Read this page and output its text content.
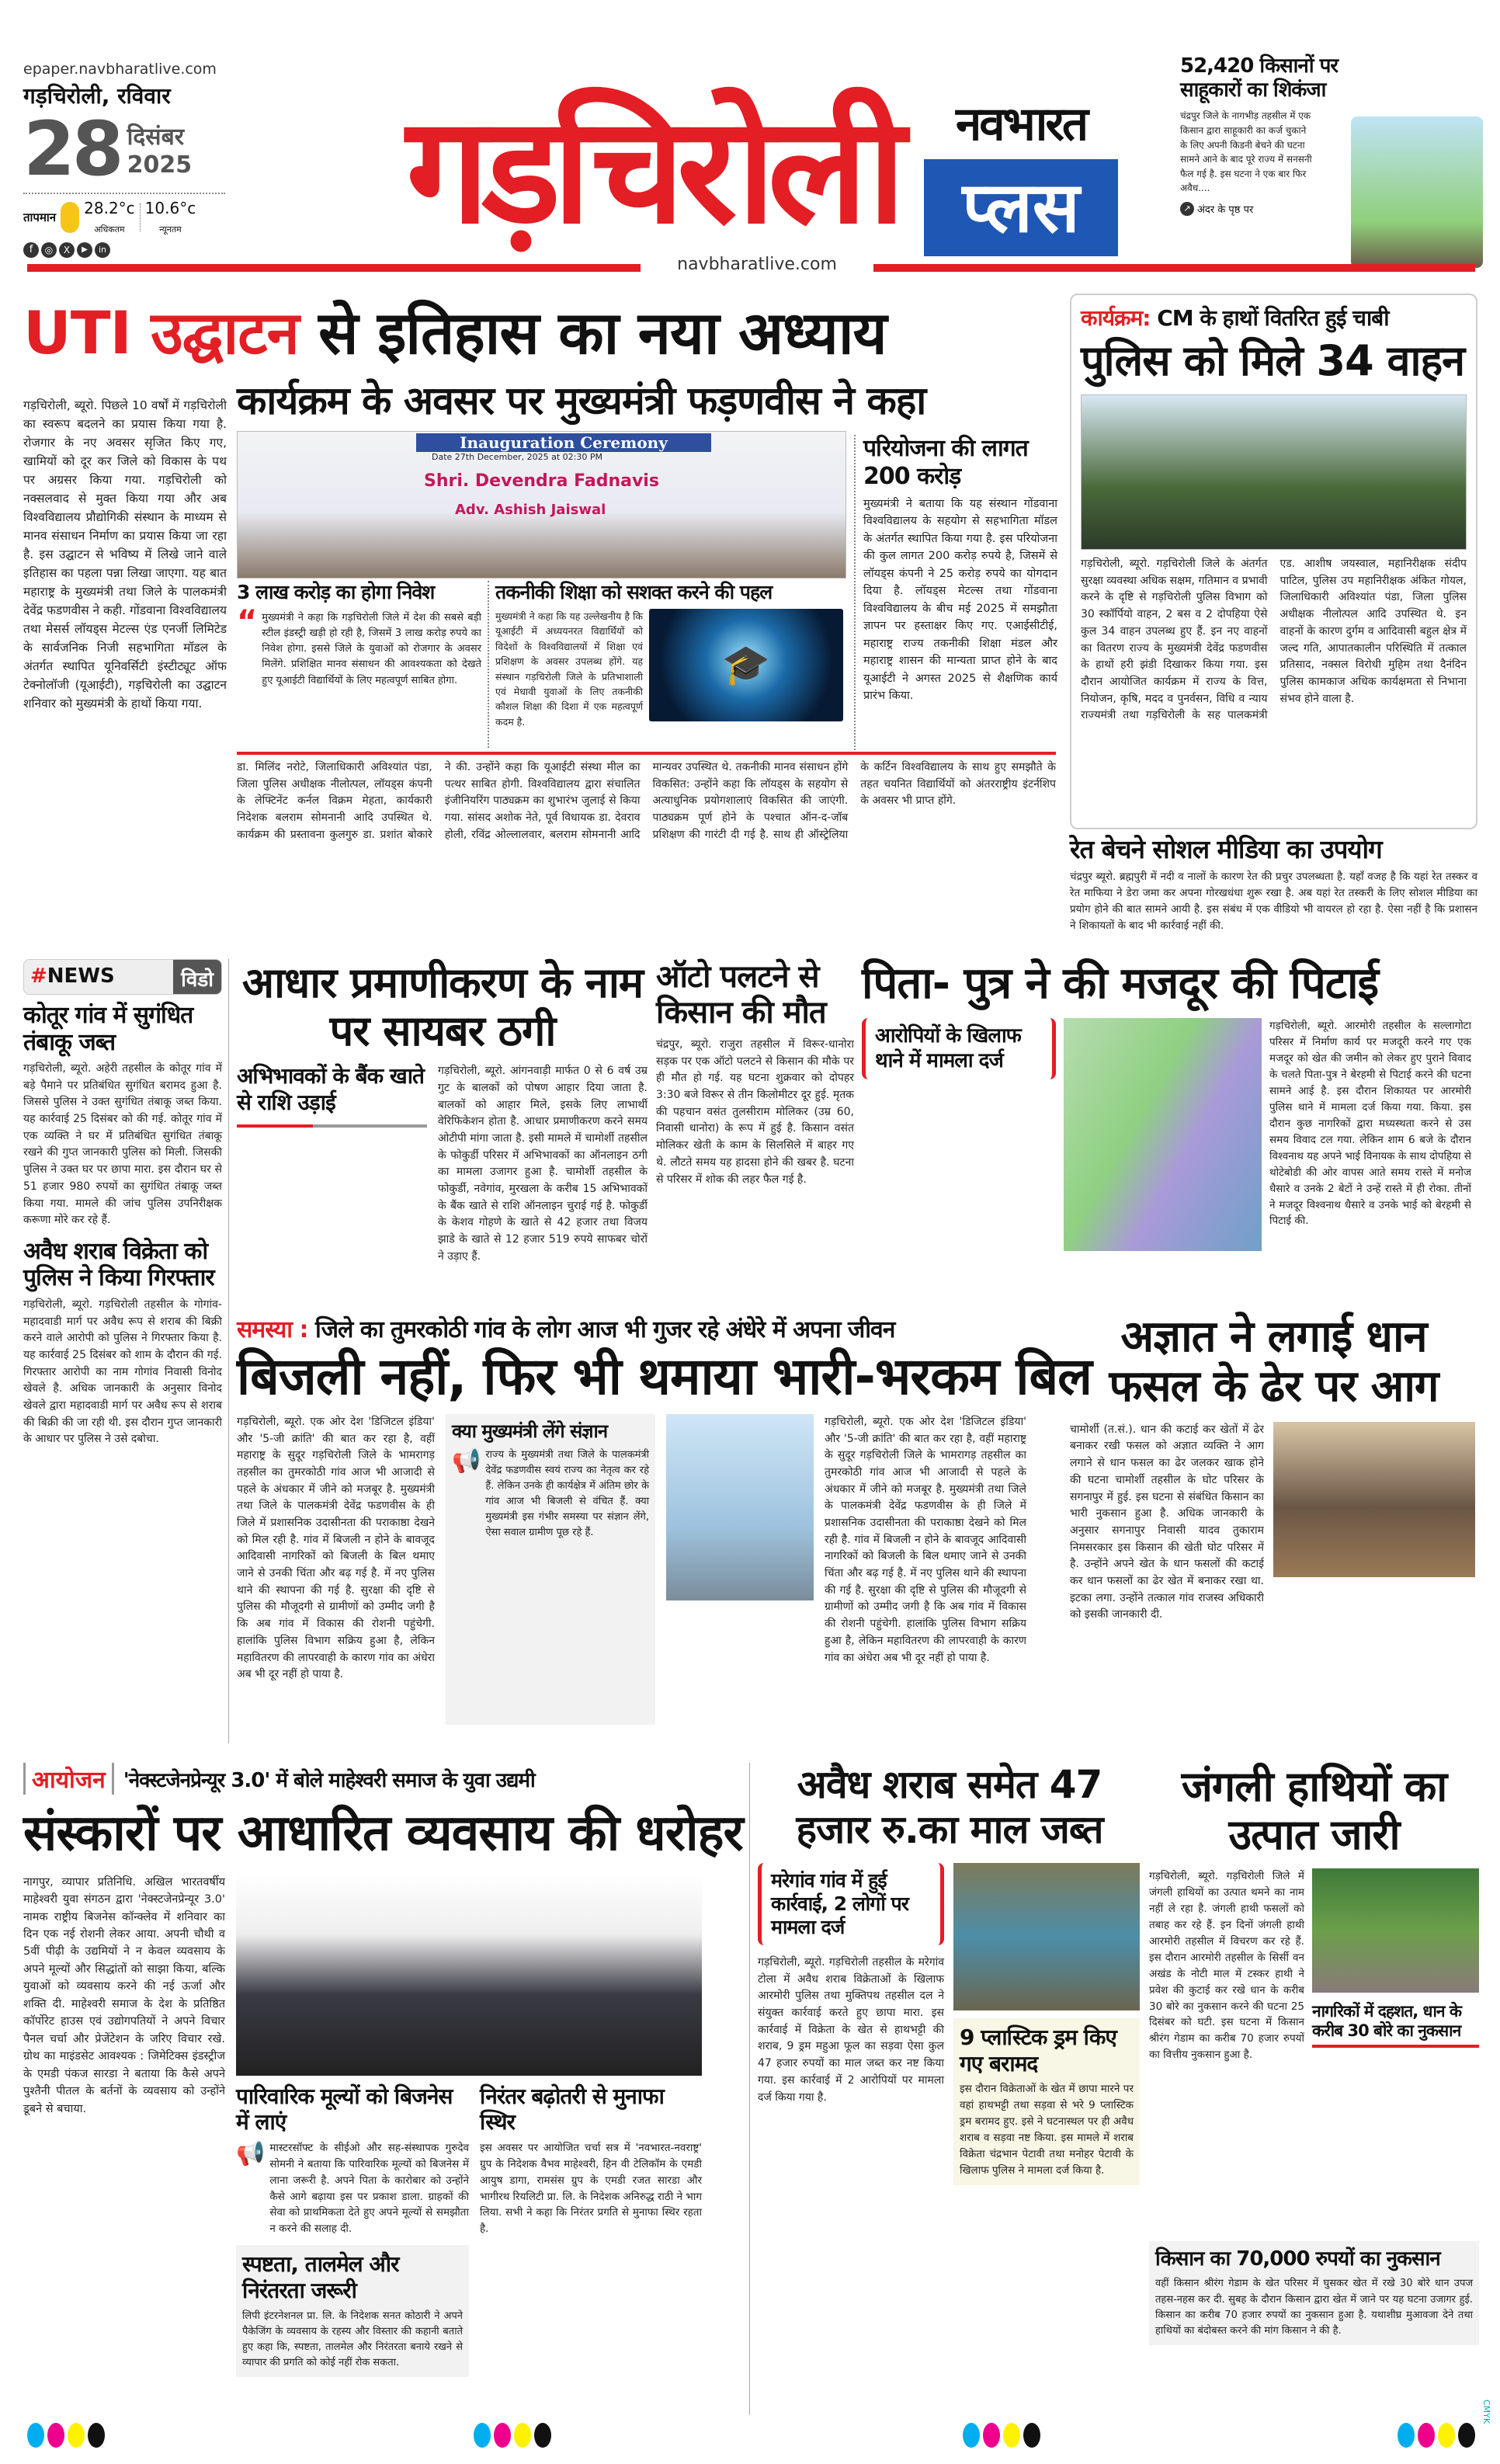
epaper.navbharatlive.com
गड़चिरोली, रविवार
28 दिसंबर
2025
तापमान 28.2°c
अधिकतम
10.6°c
न्यूनतम
f	◎	X	▶	in गड़चिरोली	नवभारत
प्लस
52,420 किसानों पर साहूकारों का शिकंजा
चंद्रपुर जिले के नागभीड़ तहसील में एक किसान द्वारा साहूकारी का कर्ज चुकाने के लिए अपनी किडनी बेचने की घटना सामने आने के बाद पूरे राज्य में सनसनी फैल गई है. इस घटना ने एक बार फिर अवैध....
↗ अंदर के पृष्ठ पर
navbharatlive.com
UTI उद्घाटन से इतिहास का नया अध्याय
गड़चिरोली, ब्यूरो. पिछले 10 वर्षों में गड़चिरोली का स्वरूप बदलने का प्रयास किया गया है. रोजगार के नए अवसर सृजित किए गए, खामियों को दूर कर जिले को विकास के पथ पर अग्रसर किया गया. गड़चिरोली को नक्सलवाद से मुक्त किया गया और अब विश्वविद्यालय प्रौद्योगिकी संस्थान के माध्यम से मानव संसाधन निर्माण का प्रयास किया जा रहा है. इस उद्घाटन से भविष्य में लिखे जाने वाले इतिहास का पहला पन्ना लिखा जाएगा. यह बात महाराष्ट्र के मुख्यमंत्री तथा जिले के पालकमंत्री देवेंद्र फडणवीस ने कही. गोंडवाना विश्वविद्यालय तथा मेसर्स लॉयड्स मेटल्स एंड एनर्जी लिमिटेड के सार्वजनिक निजी सहभागिता मॉडल के अंतर्गत स्थापित यूनिवर्सिटी इंस्टीट्यूट ऑफ टेक्नोलॉजी (यूआईटी), गड़चिरोली का उद्घाटन शनिवार को मुख्यमंत्री के हाथों किया गया.
कार्यक्रम के अवसर पर मुख्यमंत्री फड़णवीस ने कहा
Inauguration Ceremony
Date 27th December, 2025 at 02:30 PM
Shri. Devendra Fadnavis
Adv. Ashish Jaiswal
परियोजना की लागत 200 करोड़
मुख्यमंत्री ने बताया कि यह संस्थान गोंडवाना विश्वविद्यालय के सहयोग से सहभागिता मॉडल के अंतर्गत स्थापित किया गया है. इस परियोजना की कुल लागत 200 करोड़ रुपये है, जिसमें से लॉयड्स कंपनी ने 25 करोड़ रुपये का योगदान दिया है. लॉयड्स मेटल्स तथा गोंडवाना विश्वविद्यालय के बीच मई 2025 में समझौता ज्ञापन पर हस्ताक्षर किए गए. एआईसीटीई, महाराष्ट्र राज्य तकनीकी शिक्षा मंडल और महाराष्ट्र शासन की मान्यता प्राप्त होने के बाद यूआईटी ने अगस्त 2025 से शैक्षणिक कार्य प्रारंभ किया.
3 लाख करोड़ का होगा निवेश
“ मुख्यमंत्री ने कहा कि गड़चिरोली जिले में देश की सबसे बड़ी स्टील इंडस्ट्री खड़ी हो रही है, जिसमें 3 लाख करोड़ रुपये का निवेश होगा. इससे जिले के युवाओं को रोजगार के अवसर मिलेंगे. प्रशिक्षित मानव संसाधन की आवश्यकता को देखते हुए यूआईटी विद्यार्थियों के लिए महत्वपूर्ण साबित होगा.
तकनीकी शिक्षा को सशक्त करने की पहल
मुख्यमंत्री ने कहा कि यह उल्लेखनीय है कि यूआईटी में अध्ययनरत विद्यार्थियों को विदेशों के विश्वविद्यालयों में शिक्षा एवं प्रशिक्षण के अवसर उपलब्ध होंगे. यह संस्थान गड़चिरोली जिले के प्रतिभाशाली एवं मेधावी युवाओं के लिए तकनीकी कौशल शिक्षा की दिशा में एक महत्वपूर्ण कदम है.
🎓
डा. मिलिंद नरोटे, जिलाधिकारी अविश्यांत पंडा, जिला पुलिस अधीक्षक नीलोत्पल, लॉयड्स कंपनी के लेफ्टिनेंट कर्नल विक्रम मेहता, कार्यकारी निदेशक बलराम सोमनानी आदि उपस्थित थे. कार्यक्रम की प्रस्तावना कुलगुरु डा. प्रशांत बोकारे ने की. उन्होंने कहा कि यूआईटी संस्था मील का पत्थर साबित होगी. विश्वविद्यालय द्वारा संचालित इंजीनियरिंग पाठ्यक्रम का शुभारंभ जुलाई से किया गया. सांसद अशोक नेते, पूर्व विधायक डा. देवराव होली, रविंद्र ओल्लालवार, बलराम सोमनानी आदि मान्यवर उपस्थित थे. तकनीकी मानव संसाधन होंगे विकसित: उन्होंने कहा कि लॉयड्स के सहयोग से अत्याधुनिक प्रयोगशालाएं विकसित की जाएंगी. पाठ्यक्रम पूर्ण होने के पश्चात ऑन-द-जॉब प्रशिक्षण की गारंटी दी गई है. साथ ही ऑस्ट्रेलिया के कर्टिन विश्वविद्यालय के साथ हुए समझौते के तहत चयनित विद्यार्थियों को अंतरराष्ट्रीय इंटर्नशिप के अवसर भी प्राप्त होंगे.
कार्यक्रम: CM के हाथों वितरित हुई चाबी
पुलिस को मिले 34 वाहन
गड़चिरोली, ब्यूरो. गड़चिरोली जिले के अंतर्गत सुरक्षा व्यवस्था अधिक सक्षम, गतिमान व प्रभावी करने के दृष्टि से गड़चिरोली पुलिस विभाग को 30 स्कॉर्पियो वाहन, 2 बस व 2 दोपहिया ऐसे कुल 34 वाहन उपलब्ध हुए हैं. इन नए वाहनों का वितरण राज्य के मुख्यमंत्री देवेंद्र फडणवीस के हाथों हरी झंडी दिखाकर किया गया. इस दौरान आयोजित कार्यक्रम में राज्य के वित्त, नियोजन, कृषि, मदद व पुनर्वसन, विधि व न्याय राज्यमंत्री तथा गड़चिरोली के सह पालकमंत्री एड. आशीष जयस्वाल, महानिरीक्षक संदीप पाटिल, पुलिस उप महानिरीक्षक अंकित गोयल, जिलाधिकारी अविश्यांत पंडा, जिला पुलिस अधीक्षक नीलोत्पल आदि उपस्थित थे. इन वाहनों के कारण दुर्गम व आदिवासी बहुल क्षेत्र में जल्द गति, आपातकालीन परिस्थिति में तत्काल प्रतिसाद, नक्सल विरोधी मुहिम तथा दैनंदिन पुलिस कामकाज अधिक कार्यक्षमता से निभाना संभव होने वाला है.
रेत बेचने सोशल मीडिया का उपयोग
चंद्रपुर ब्यूरो. ब्रह्मपुरी में नदी व नालों के कारण रेत की प्रचुर उपलब्धता है. यहाँ वजह है कि यहां रेत तस्कर व रेत माफिया ने डेरा जमा कर अपना गोरखधंधा शुरू रखा है. अब यहां रेत तस्करी के लिए सोशल मीडिया का प्रयोग होने की बात सामने आयी है. इस संबंध में एक वीडियो भी वायरल हो रहा है. ऐसा नहीं है कि प्रशासन ने शिकायतों के बाद भी कार्रवाई नहीं की.
#NEWS	विडो
कोतूर गांव में सुगंधित तंबाकू जब्त
गड़चिरोली, ब्यूरो. अहेरी तहसील के कोतूर गांव में बड़े पैमाने पर प्रतिबंधित सुगंधित बरामद हुआ है. जिससे पुलिस ने उक्त सुगंधित तंबाकू जब्त किया. यह कार्रवाई 25 दिसंबर को की गई. कोतूर गांव में एक व्यक्ति ने घर में प्रतिबंधित सुगंधित तंबाकू रखने की गुप्त जानकारी पुलिस को मिली. जिसकी पुलिस ने उक्त घर पर छापा मारा. इस दौरान घर से 51 हजार 980 रुपयों का सुगंधित तंबाकू जब्त किया गया. मामले की जांच पुलिस उपनिरीक्षक करूणा मोरे कर रहे हैं.
अवैध शराब विक्रेता को पुलिस ने किया गिरफ्तार
गड़चिरोली, ब्यूरो. गड़चिरोली तहसील के गोगांव- महादवाडी मार्ग पर अवैध रूप से शराब की बिक्री करने वाले आरोपी को पुलिस ने गिरफ्तार किया है. यह कार्रवाई 25 दिसंबर को शाम के दौरान की गई. गिरफ्तार आरोपी का नाम गोगांव निवासी विनोद खेवले है. अधिक जानकारी के अनुसार विनोद खेवले द्वारा महादवाडी मार्ग पर अवैध रूप से शराब की बिक्री की जा रही थी. इस दौरान गुप्त जानकारी के आधार पर पुलिस ने उसे दबोचा.
आधार प्रमाणीकरण के नाम पर सायबर ठगी
अभिभावकों के बैंक खाते से राशि उड़ाई
गड़चिरोली, ब्यूरो. आंगनवाड़ी मार्फत 0 से 6 वर्ष उम्र गुट के बालकों को पोषण आहार दिया जाता है. बालकों को आहार मिले, इसके लिए लाभार्थी वेरिफिकेशन होता है. आधार प्रमाणीकरण करने समय ओटीपी मांगा जाता है. इसी मामले में चामोर्शी तहसील के फोकुर्डी परिसर में अभिभावकों का ऑनलाइन ठगी का मामला उजागर हुआ है. चामोर्शी तहसील के फोकुर्डी, नवेगांव, मुरखला के करीब 15 अभिभावकों के बैंक खाते से राशि ऑनलाइन चुराई गई है. फोकुर्डी के केशव गोहणे के खाते से 42 हजार तथा विजय झाडे के खाते से 12 हजार 519 रुपये साफबर चोरों ने उड़ाए हैं.
ऑटो पलटने से किसान की मौत
चंद्रपुर, ब्यूरो. राजुरा तहसील में विरूर-धानोरा सड़क पर एक ऑटो पलटने से किसान की मौके पर ही मौत हो गई. यह घटना शुक्रवार को दोपहर 3:30 बजे विरूर से तीन किलोमीटर दूर हुई. मृतक की पहचान वसंत तुलसीराम मोलिकर (उम्र 60, निवासी धानोरा) के रूप में हुई है. किसान वसंत मोलिकर खेती के काम के सिलसिले में बाहर गए थे. लौटते समय यह हादसा होने की खबर है. घटना से परिसर में शोक की लहर फैल गई है.
पिता- पुत्र ने की मजदूर की पिटाई
आरोपियों के खिलाफ थाने में मामला दर्ज
गड़चिरोली, ब्यूरो. आरमोरी तहसील के सल्लागोटा परिसर में निर्माण कार्य पर मजदूरी करने गए एक मजदूर को खेत की जमीन को लेकर हुए पुराने विवाद के चलते पिता-पुत्र ने बेरहमी से पिटाई करने की घटना सामने आई है. इस दौरान शिकायत पर आरमोरी पुलिस थाने में मामला दर्ज किया गया. किया. इस दौरान कुछ नागरिकों द्वारा मध्यस्थता करने से उस समय विवाद टल गया. लेकिन शाम 6 बजे के दौरान विश्वनाथ यह अपने भाई विनायक के साथ दोपहिया से थोटेबोडी की ओर वापस आते समय रास्ते में मनोज धैसारे व उनके 2 बेटों ने उन्हें रास्ते में ही रोका. तीनों ने मजदूर विश्वनाथ धैसारे व उनके भाई को बेरहमी से पिटाई की.
समस्या : जिले का तुमरकोठी गांव के लोग आज भी गुजर रहे अंधेरे में अपना जीवन
बिजली नहीं, फिर भी थमाया भारी-भरकम बिल
गड़चिरोली, ब्यूरो. एक ओर देश 'डिजिटल इंडिया' और '5-जी क्रांति' की बात कर रहा है, वहीं महाराष्ट्र के सुदूर गड़चिरोली जिले के भामरागड़ तहसील का तुमरकोठी गांव आज भी आजादी से पहले के अंधकार में जीने को मजबूर है. मुख्यमंत्री तथा जिले के पालकमंत्री देवेंद्र फडणवीस के ही जिले में प्रशासनिक उदासीनता की पराकाष्ठा देखने को मिल रही है. गांव में बिजली न होने के बावजूद आदिवासी नागरिकों को बिजली के बिल थमाए जाने से उनकी चिंता और बढ़ गई है. में नए पुलिस थाने की स्थापना की गई है. सुरक्षा की दृष्टि से पुलिस की मौजूदगी से ग्रामीणों को उम्मीद जगी है कि अब गांव में विकास की रोशनी पहुंचेगी. हालांकि पुलिस विभाग सक्रिय हुआ है, लेकिन महावितरण की लापरवाही के कारण गांव का अंधेरा अब भी दूर नहीं हो पाया है.
क्या मुख्यमंत्री लेंगे संज्ञान
📢 राज्य के मुख्यमंत्री तथा जिले के पालकमंत्री देवेंद्र फडणवीस स्वयं राज्य का नेतृत्व कर रहे हैं. लेकिन उनके ही कार्यक्षेत्र में अंतिम छोर के गांव आज भी बिजली से वंचित हैं. क्या मुख्यमंत्री इस गंभीर समस्या पर संज्ञान लेंगे, ऐसा सवाल ग्रामीण पूछ रहे हैं.
गड़चिरोली, ब्यूरो. एक ओर देश 'डिजिटल इंडिया' और '5-जी क्रांति' की बात कर रहा है, वहीं महाराष्ट्र के सुदूर गड़चिरोली जिले के भामरागड़ तहसील का तुमरकोठी गांव आज भी आजादी से पहले के अंधकार में जीने को मजबूर है. मुख्यमंत्री तथा जिले के पालकमंत्री देवेंद्र फडणवीस के ही जिले में प्रशासनिक उदासीनता की पराकाष्ठा देखने को मिल रही है. गांव में बिजली न होने के बावजूद आदिवासी नागरिकों को बिजली के बिल थमाए जाने से उनकी चिंता और बढ़ गई है. में नए पुलिस थाने की स्थापना की गई है. सुरक्षा की दृष्टि से पुलिस की मौजूदगी से ग्रामीणों को उम्मीद जगी है कि अब गांव में विकास की रोशनी पहुंचेगी. हालांकि पुलिस विभाग सक्रिय हुआ है, लेकिन महावितरण की लापरवाही के कारण गांव का अंधेरा अब भी दूर नहीं हो पाया है.
अज्ञात ने लगाई धान फसल के ढेर पर आग
चामोर्शी (त.सं.). धान की कटाई कर खेतों में ढेर बनाकर रखी फसल को अज्ञात व्यक्ति ने आग लगाने से धान फसल का ढेर जलकर खाक होने की घटना चामोर्शी तहसील के घोट परिसर के सगनापुर में हुई. इस घटना से संबंधित किसान का भारी नुकसान हुआ है. अधिक जानकारी के अनुसार सगनापुर निवासी यादव तुकाराम निमसरकार इस किसान की खेती घोट परिसर में है. उन्होंने अपने खेत के धान फसलों की कटाई कर धान फसलों का ढेर खेत में बनाकर रखा था. इटका लगा. उन्होंने तत्काल गांव राजस्व अधिकारी को इसकी जानकारी दी.
आयोजन 'नेक्स्टजेनप्रेन्यूर 3.0' में बोले माहेश्वरी समाज के युवा उद्यमी
संस्कारों पर आधारित व्यवसाय की धरोहर
नागपुर, व्यापार प्रतिनिधि. अखिल भारतवर्षीय माहेश्वरी युवा संगठन द्वारा 'नेक्स्टजेनप्रेन्यूर 3.0' नामक राष्ट्रीय बिजनेस कॉन्क्लेव में शनिवार का दिन एक नई रोशनी लेकर आया. अपनी चौथी व 5वीं पीढ़ी के उद्यमियों ने न केवल व्यवसाय के अपने मूल्यों और सिद्धांतों को साझा किया, बल्कि युवाओं को व्यवसाय करने की नई ऊर्जा और शक्ति दी. माहेश्वरी समाज के देश के प्रतिष्ठित कॉर्पोरेट हाउस एवं उद्योगपतियों ने अपने विचार पैनल चर्चा और प्रेजेंटेशन के जरिए विचार रखे. ग्रोथ का माइंडसेट आवश्यक : जिमेटिक्स इंडस्ट्रीज के एमडी पंकज सारडा ने बताया कि कैसे अपने पुश्तैनी पीतल के बर्तनों के व्यवसाय को उन्होंने डूबने से बचाया.
पारिवारिक मूल्यों को बिजनेस में लाएं
📢 मास्टरसॉफ्ट के सीईओ और सह-संस्थापक गुरुदेव सोमनी ने बताया कि पारिवारिक मूल्यों को बिजनेस में लाना जरूरी है. अपने पिता के कारोबार को उन्होंने कैसे आगे बढ़ाया इस पर प्रकाश डाला. ग्राहकों की सेवा को प्राथमिकता देते हुए अपने मूल्यों से समझौता न करने की सलाह दी.
स्पष्टता, तालमेल और निरंतरता जरूरी
लिपी इंटरनेशनल प्रा. लि. के निदेशक सनत कोठारी ने अपने पैकेजिंग के व्यवसाय के रहस्य और विस्तार की कहानी बताते हुए कहा कि, स्पष्टता, तालमेल और निरंतरता बनाये रखने से व्यापार की प्रगति को कोई नहीं रोक सकता.
निरंतर बढ़ोतरी से मुनाफा स्थिर
इस अवसर पर आयोजित चर्चा सत्र में 'नवभारत-नवराष्ट्र' ग्रुप के निदेशक वैभव माहेश्वरी, हिन वी टेलिकॉम के एमडी आयुष डागा, रामसंस ग्रुप के एमडी रजत सारडा और भागीरथ रियलिटी प्रा. लि. के निदेशक अनिरुद्ध राठी ने भाग लिया. सभी ने कहा कि निरंतर प्रगति से मुनाफा स्थिर रहता है.
अवैध शराब समेत 47 हजार रु.का माल जब्त
मरेगांव गांव में हुई कार्रवाई, 2 लोगों पर मामला दर्ज
गड़चिरोली, ब्यूरो. गड़चिरोली तहसील के मरेगांव टोला में अवैध शराब विक्रेताओं के खिलाफ आरमोरी पुलिस तथा मुक्तिपथ तहसील दल ने संयुक्त कार्रवाई करते हुए छापा मारा. इस कार्रवाई में विक्रेता के खेत से हाथभट्टी की शराब, 9 ड्रम महुआ फूल का सड़वा ऐसा कुल 47 हजार रुपयों का माल जब्त कर नष्ट किया गया. इस कार्रवाई में 2 आरोपियों पर मामला दर्ज किया गया है.
9 प्लास्टिक ड्रम किए गए बरामद
इस दौरान विक्रेताओं के खेत में छापा मारने पर वहां हाथभट्टी तथा सड़वा से भरे 9 प्लास्टिक ड्रम बरामद हुए. इसे ने घटनास्थल पर ही अवैध शराब व सड़वा नष्ट किया. इस मामले में शराब विक्रेता चंद्रभान पेटावी तथा मनोहर पेटावी के खिलाफ पुलिस ने मामला दर्ज किया है.
जंगली हाथियों का उत्पात जारी
गड़चिरोली, ब्यूरो. गड़चिरोली जिले में जंगली हाथियों का उत्पात थमने का नाम नहीं ले रहा है. जंगली हाथी फसलों को तबाह कर रहे हैं. इन दिनों जंगली हाथी आरमोरी तहसील में विचरण कर रहे हैं. इस दौरान आरमोरी तहसील के सिर्सी वन अखंड के नोटी माल में टस्कर हाथी ने प्रवेश की कुटाई कर रखे धान के करीब 30 बोरे का नुकसान करने की घटना 25 दिसंबर को घटी. इस घटना में किसान श्रीरंग गेडाम का करीब 70 हजार रुपयों का वित्तीय नुकसान हुआ है.
नागरिकों में दहशत, धान के करीब 30 बोरे का नुकसान
किसान का 70,000 रुपयों का नुकसान
वहीं किसान श्रीरंग गेडाम के खेत परिसर में घुसकर खेत में रखे 30 बोरे धान उपज तहस-नहस कर दी. सुबह के दौरान किसान द्वारा खेत में जाने पर यह घटना उजागर हुई. किसान का करीब 70 हजार रुपयों का नुकसान हुआ है. यथाशीघ्र मुआवजा देने तथा हाथियों का बंदोबस्त करने की मांग किसान ने की है.
CMYK
